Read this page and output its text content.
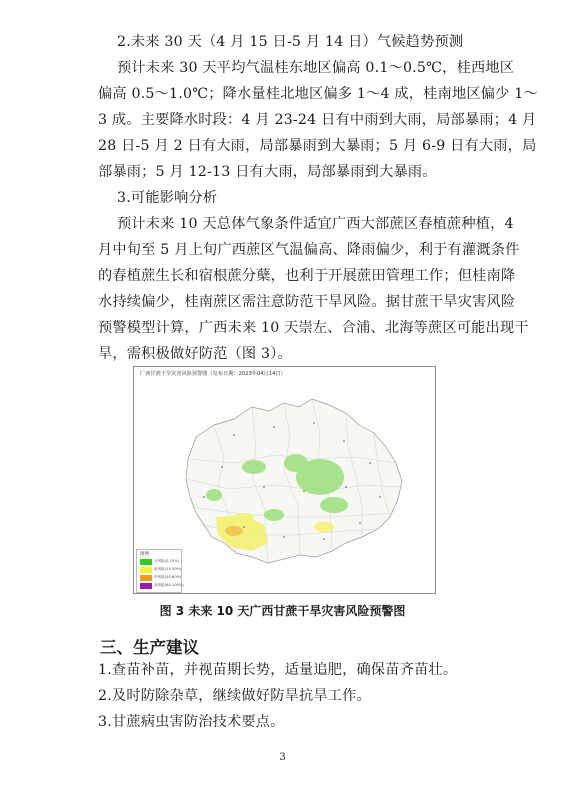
2.未来 30 天（4 月 15 日-5 月 14 日）气候趋势预测
预计未来 30 天平均气温桂东地区偏高 0.1～0.5℃，桂西地区
偏高 0.5～1.0℃；降水量桂北地区偏多 1～4 成，桂南地区偏少 1～
3 成。主要降水时段：4 月 23-24 日有中雨到大雨，局部暴雨；4 月
28 日-5 月 2 日有大雨，局部暴雨到大暴雨；5 月 6-9 日有大雨，局
部暴雨；5 月 12-13 日有大雨，局部暴雨到大暴雨。
3.可能影响分析
预计未来 10 天总体气象条件适宜广西大部蔗区春植蔗种植，4
月中旬至 5 月上旬广西蔗区气温偏高、降雨偏少，利于有灌溉条件
的春植蔗生长和宿根蔗分蘖，也利于开展蔗田管理工作；但桂南降
水持续偏少，桂南蔗区需注意防范干旱风险。据甘蔗干旱灾害风险
预警模型计算，广西未来 10 天崇左、合浦、北海等蔗区可能出现干
旱，需积极做好防范（图 3）。
广西甘蔗干旱灾害风险预警图（发布日期：2023年04月14日）
图例
无风险(0-15%)
低风险(15-30%)
中风险(30-60%)
高风险(60-100%)
图 3 未来 10 天广西甘蔗干旱灾害风险预警图
三、生产建议
1.查苗补苗，并视苗期长势，适量追肥，确保苗齐苗壮。
2.及时防除杂草，继续做好防旱抗旱工作。
3.甘蔗病虫害防治技术要点。
3
